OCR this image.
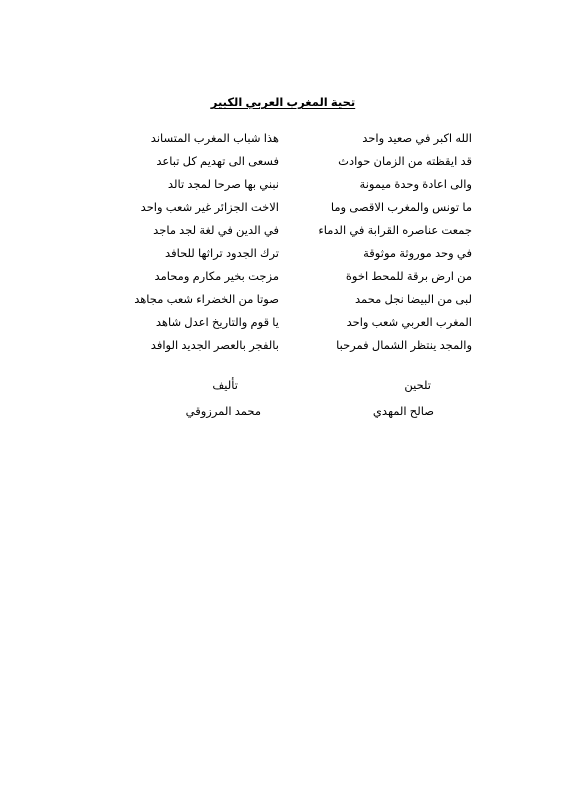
تحية المغرب العربي الكبير
الله اكبر في صعيد واحد
هذا شباب المغرب المتساند
قد ايقظته من الزمان حوادث
فسعى الى تهديم كل تباعد
والى اعادة وحدة ميمونة
نبني بها صرحا لمجد تالد
ما تونس والمغرب الاقصى وما
الاخت الجزائر غير شعب واحد
جمعت عناصره القرابة في الدماء
في الدين في لغة لجد ماجد
في وحد موروثة موثوقة
ترك الجدود تراثها للحافد
من ارض برقة للمحط اخوة
مزجت بخير مكارم ومحامد
لبى من البيضا نجل محمد
صوتا من الخضراء شعب مجاهد
المغرب العربي شعب واحد
يا قوم والتاريخ اعدل شاهد
والمجد ينتظر الشمال فمرحبا
بالفجر بالعصر الجديد الوافد
تلحين
صالح المهدي
تأليف
محمد المرزوقي
